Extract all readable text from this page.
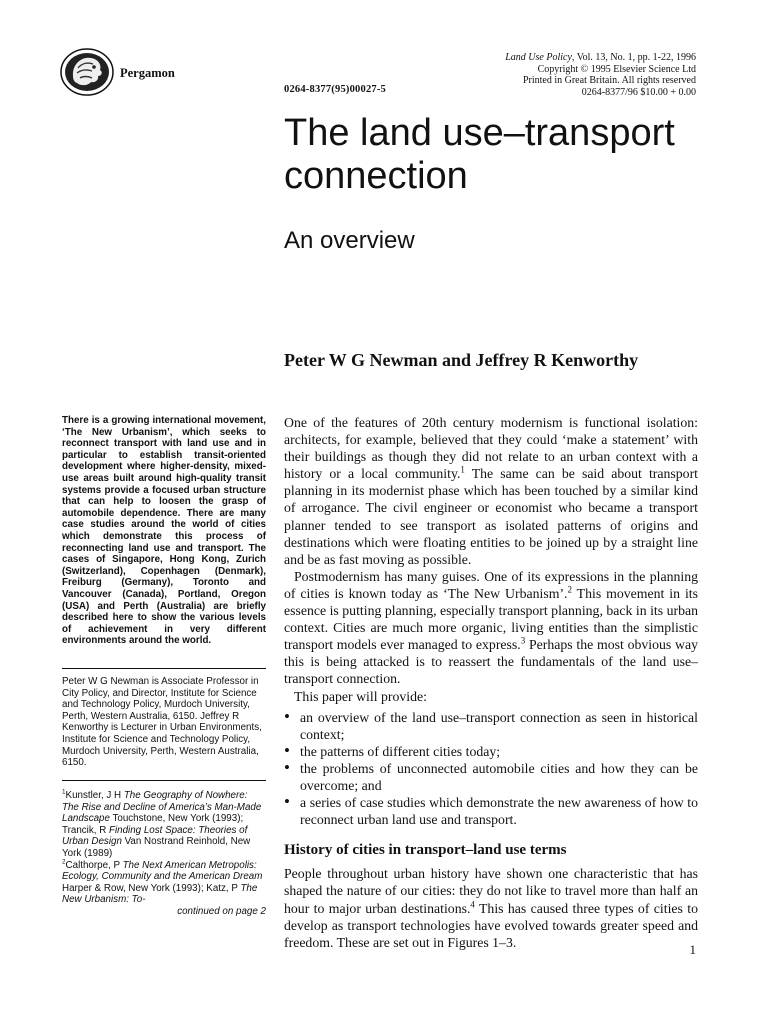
Pergamon
0264-8377(95)00027-5
Land Use Policy, Vol. 13, No. 1, pp. 1-22, 1996
Copyright © 1995 Elsevier Science Ltd
Printed in Great Britain. All rights reserved
0264-8377/96 $10.00 + 0.00
The land use–transport
connection
An overview
Peter W G Newman and Jeffrey R Kenworthy
There is a growing international movement, ‘The New Urbanism’, which seeks to reconnect transport with land use and in particular to establish transit-oriented development where higher-density, mixed-use areas built around high-quality transit systems provide a focused urban structure that can help to loosen the grasp of automobile dependence. There are many case studies around the world of cities which demonstrate this process of reconnecting land use and transport. The cases of Singapore, Hong Kong, Zurich (Switzerland), Copenhagen (Denmark), Freiburg (Germany), Toronto and Vancouver (Canada), Portland, Oregon (USA) and Perth (Australia) are briefly described here to show the various levels of achievement in very different environments around the world.
Peter W G Newman is Associate Professor in City Policy, and Director, Institute for Science and Technology Policy, Murdoch University, Perth, Western Australia, 6150. Jeffrey R Kenworthy is Lecturer in Urban Environments, Institute for Science and Technology Policy, Murdoch University, Perth, Western Australia, 6150.

$^1$Kunstler, J H The Geography of Nowhere: The Rise and Decline of America’s Man-Made Landscape Touchstone, New York (1993); Trancik, R Finding Lost Space: Theories of Urban Design Van Nostrand Reinhold, New York (1989)

$^2$Calthorpe, P The Next American Metropolis: Ecology, Community and the American Dream Harper & Row, New York (1993); Katz, P The New Urbanism: To-

continued on page 2

One of the features of 20th century modernism is functional isolation: architects, for example, believed that they could ‘make a statement’ with their buildings as though they did not relate to an urban context with a history or a local community.$^1$ The same can be said about transport planning in its modernist phase which has been touched by a similar kind of arrogance. The civil engineer or economist who became a transport planner tended to see transport as isolated patterns of origins and destinations which were floating entities to be joined up by a straight line and be as fast moving as possible.

Postmodernism has many guises. One of its expressions in the planning of cities is known today as ‘The New Urbanism’.$^2$ This movement in its essence is putting planning, especially transport planning, back in its urban context. Cities are much more organic, living entities than the simplistic transport models ever managed to express.$^3$ Perhaps the most obvious way this is being attacked is to reassert the fundamentals of the land use–transport connection.

This paper will provide:

• an overview of the land use–transport connection as seen in historical context;
• the patterns of different cities today;
• the problems of unconnected automobile cities and how they can be overcome; and
• a series of case studies which demonstrate the new awareness of how to reconnect urban land use and transport.
History of cities in transport–land use terms

People throughout urban history have shown one characteristic that has shaped the nature of our cities: they do not like to travel more than half an hour to major urban destinations.$^4$ This has caused three types of cities to develop as transport technologies have evolved towards greater speed and freedom. These are set out in Figures 1–3.	1
